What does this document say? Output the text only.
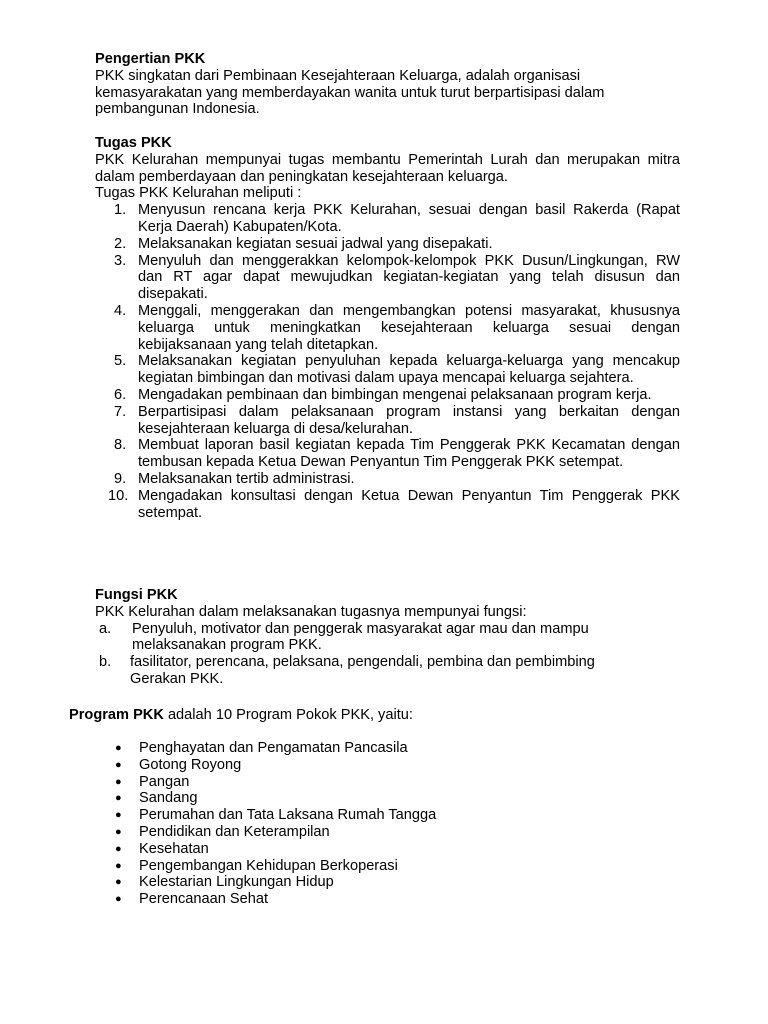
Pengertian PKK
PKK singkatan dari Pembinaan Kesejahteraan Keluarga, adalah organisasi kemasyarakatan yang memberdayakan wanita untuk turut berpartisipasi dalam pembangunan Indonesia.
Tugas PKK
PKK Kelurahan mempunyai tugas membantu Pemerintah Lurah dan merupakan mitra dalam pemberdayaan dan peningkatan kesejahteraan keluarga.
Tugas PKK Kelurahan meliputi :
1. Menyusun rencana kerja PKK Kelurahan, sesuai dengan basil Rakerda (Rapat Kerja Daerah) Kabupaten/Kota.
2. Melaksanakan kegiatan sesuai jadwal yang disepakati.
3. Menyuluh dan menggerakkan kelompok-kelompok PKK Dusun/Lingkungan, RW dan RT agar dapat mewujudkan kegiatan-kegiatan yang telah disusun dan disepakati.
4. Menggali, menggerakan dan mengembangkan potensi masyarakat, khususnya keluarga untuk meningkatkan kesejahteraan keluarga sesuai dengan kebijaksanaan yang telah ditetapkan.
5. Melaksanakan kegiatan penyuluhan kepada keluarga-keluarga yang mencakup kegiatan bimbingan dan motivasi dalam upaya mencapai keluarga sejahtera.
6. Mengadakan pembinaan dan bimbingan mengenai pelaksanaan program kerja.
7. Berpartisipasi dalam pelaksanaan program instansi yang berkaitan dengan kesejahteraan keluarga di desa/kelurahan.
8. Membuat laporan basil kegiatan kepada Tim Penggerak PKK Kecamatan dengan tembusan kepada Ketua Dewan Penyantun Tim Penggerak PKK setempat.
9. Melaksanakan tertib administrasi.
10. Mengadakan konsultasi dengan Ketua Dewan Penyantun Tim Penggerak PKK setempat.
Fungsi PKK
PKK Kelurahan dalam melaksanakan tugasnya mempunyai fungsi:
a. Penyuluh, motivator dan penggerak masyarakat agar mau dan mampu melaksanakan program PKK.
b. fasilitator, perencana, pelaksana, pengendali, pembina dan pembimbing Gerakan PKK.
Program PKK adalah 10 Program Pokok PKK, yaitu:
● Penghayatan dan Pengamatan Pancasila
● Gotong Royong
● Pangan
● Sandang
● Perumahan dan Tata Laksana Rumah Tangga
● Pendidikan dan Keterampilan
● Kesehatan
● Pengembangan Kehidupan Berkoperasi
● Kelestarian Lingkungan Hidup
● Perencanaan Sehat
